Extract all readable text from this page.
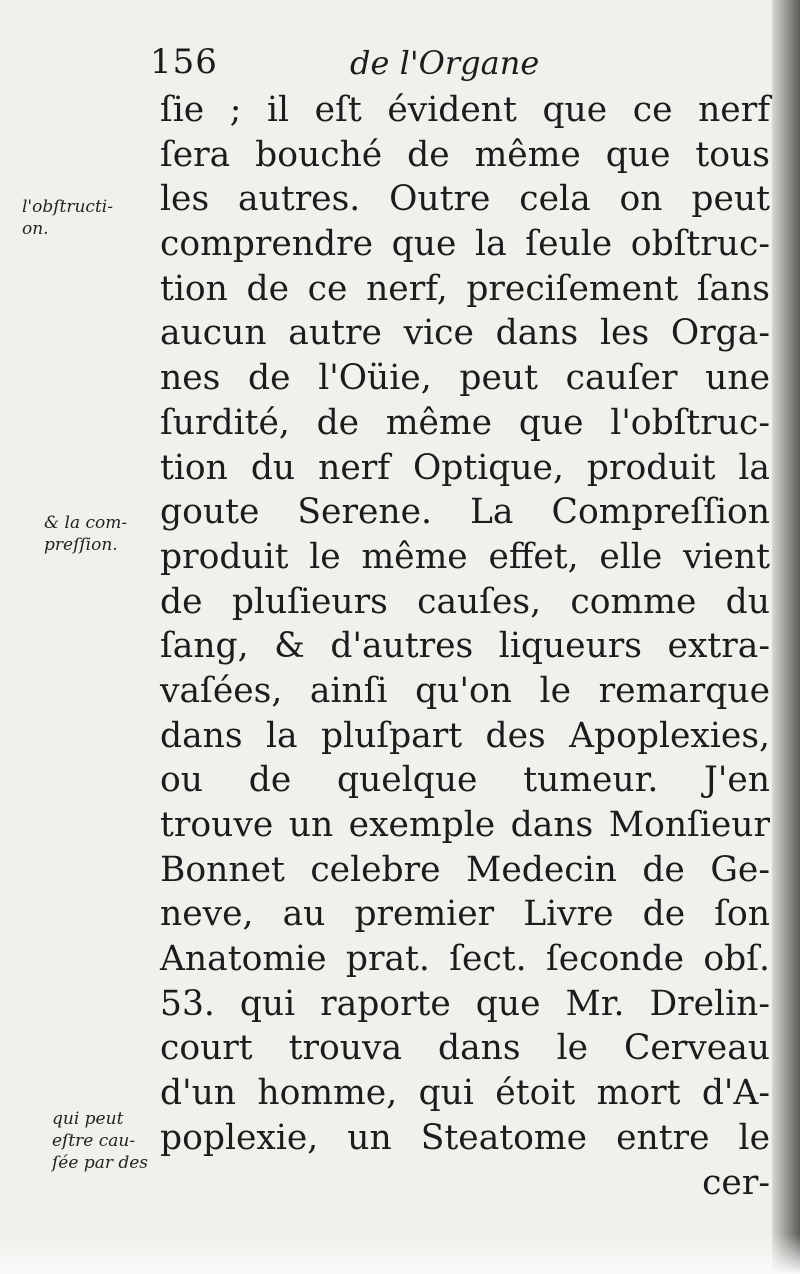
156	de l'Organe
l'obſtructi-
on.
& la com-
preſſion.
qui peut
eſtre cau-
ſée par des
ſie ; il eſt évident que ce nerf
ſera bouché de même que tous
les autres. Outre cela on peut
comprendre que la ſeule obſtruc-
tion de ce nerf, preciſement ſans
aucun autre vice dans les Orga-
nes de l'Oüie, peut cauſer une
ſurdité, de même que l'obſtruc-
tion du nerf Optique, produit la
goute Serene. La Compreſſion
produit le même effet, elle vient
de pluſieurs cauſes, comme du
ſang, & d'autres liqueurs extra-
vaſées, ainſi qu'on le remarque
dans la pluſpart des Apoplexies,
ou de quelque tumeur. J'en
trouve un exemple dans Monſieur
Bonnet celebre Medecin de Ge-
neve, au premier Livre de ſon
Anatomie prat. ſect. ſeconde obſ.
53. qui raporte que Mr. Drelin-
court trouva dans le Cerveau
d'un homme, qui étoit mort d'A-
poplexie, un Steatome entre le
cer-
